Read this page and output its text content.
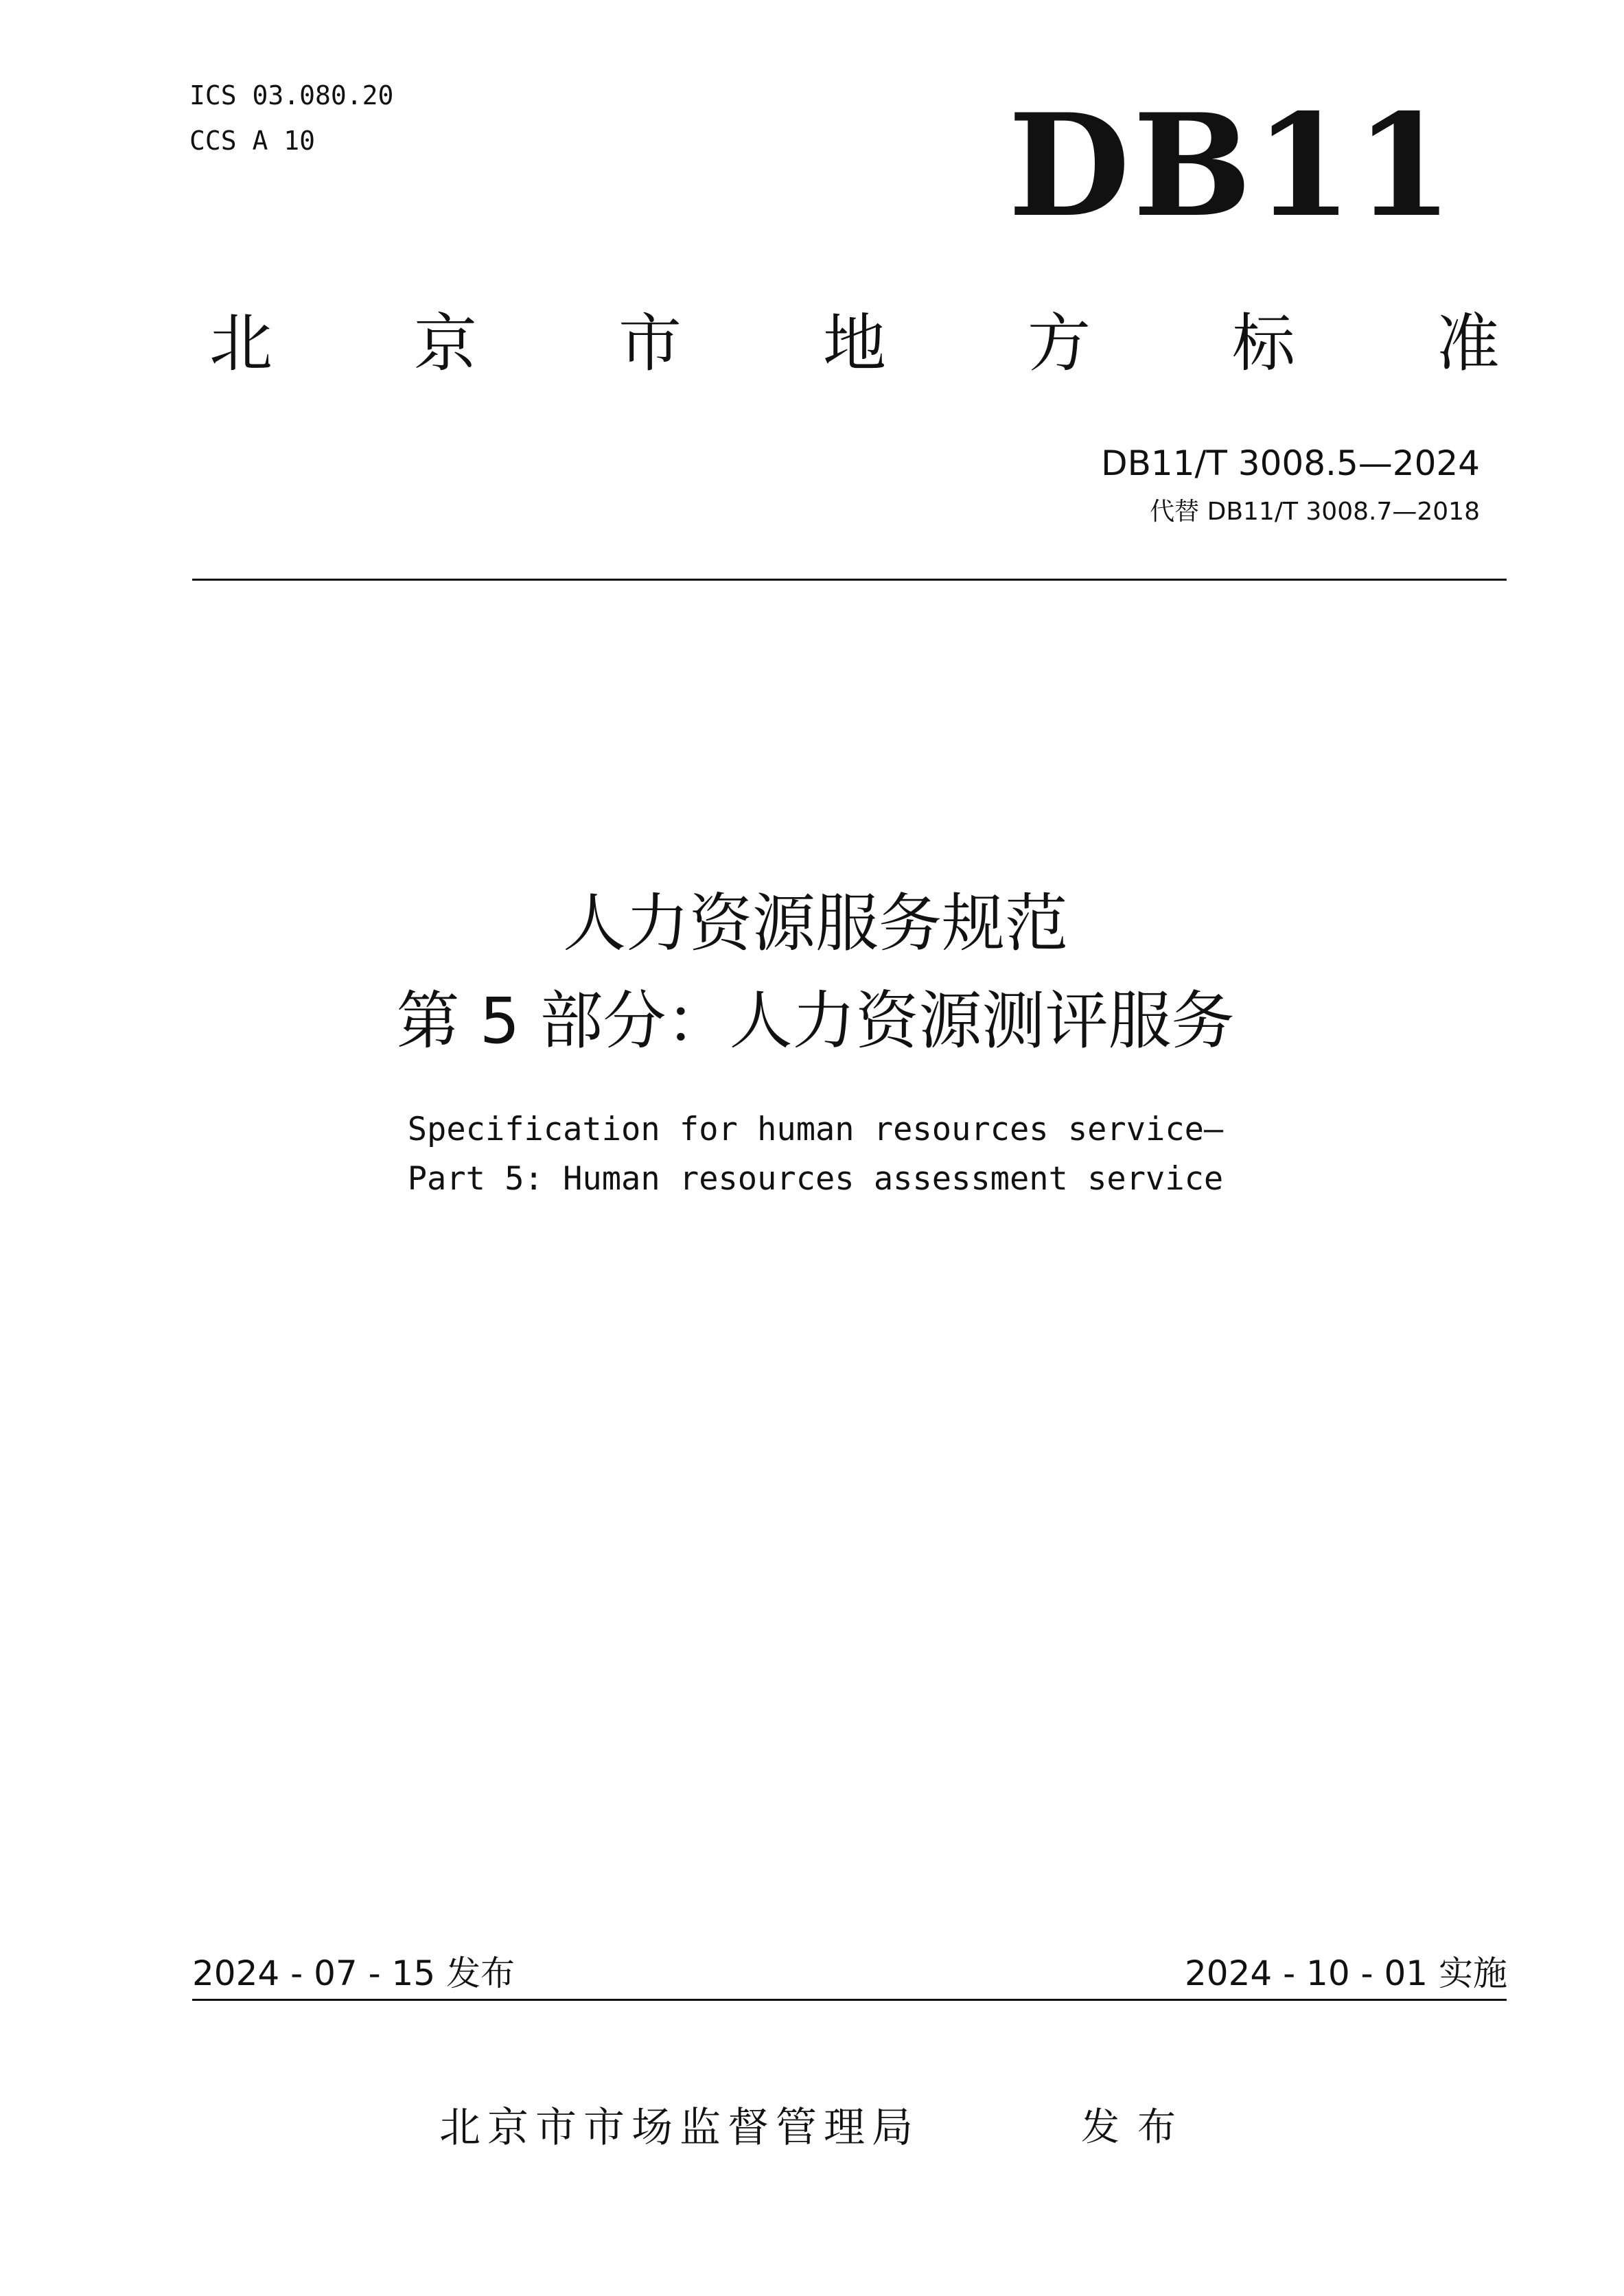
ICS 03.080.20
CCS A 10	DB11
北 京 市 地 方 标 准
DB11/T 3008.5—2024
代替 DB11/T 3008.7—2018
人力资源服务规范
第 5 部分：人力资源测评服务
Specification for human resources service—
Part 5: Human resources assessment service
2024 - 07 - 15 发布	2024 - 10 - 01 实施
北京市市场监督管理局	发布
